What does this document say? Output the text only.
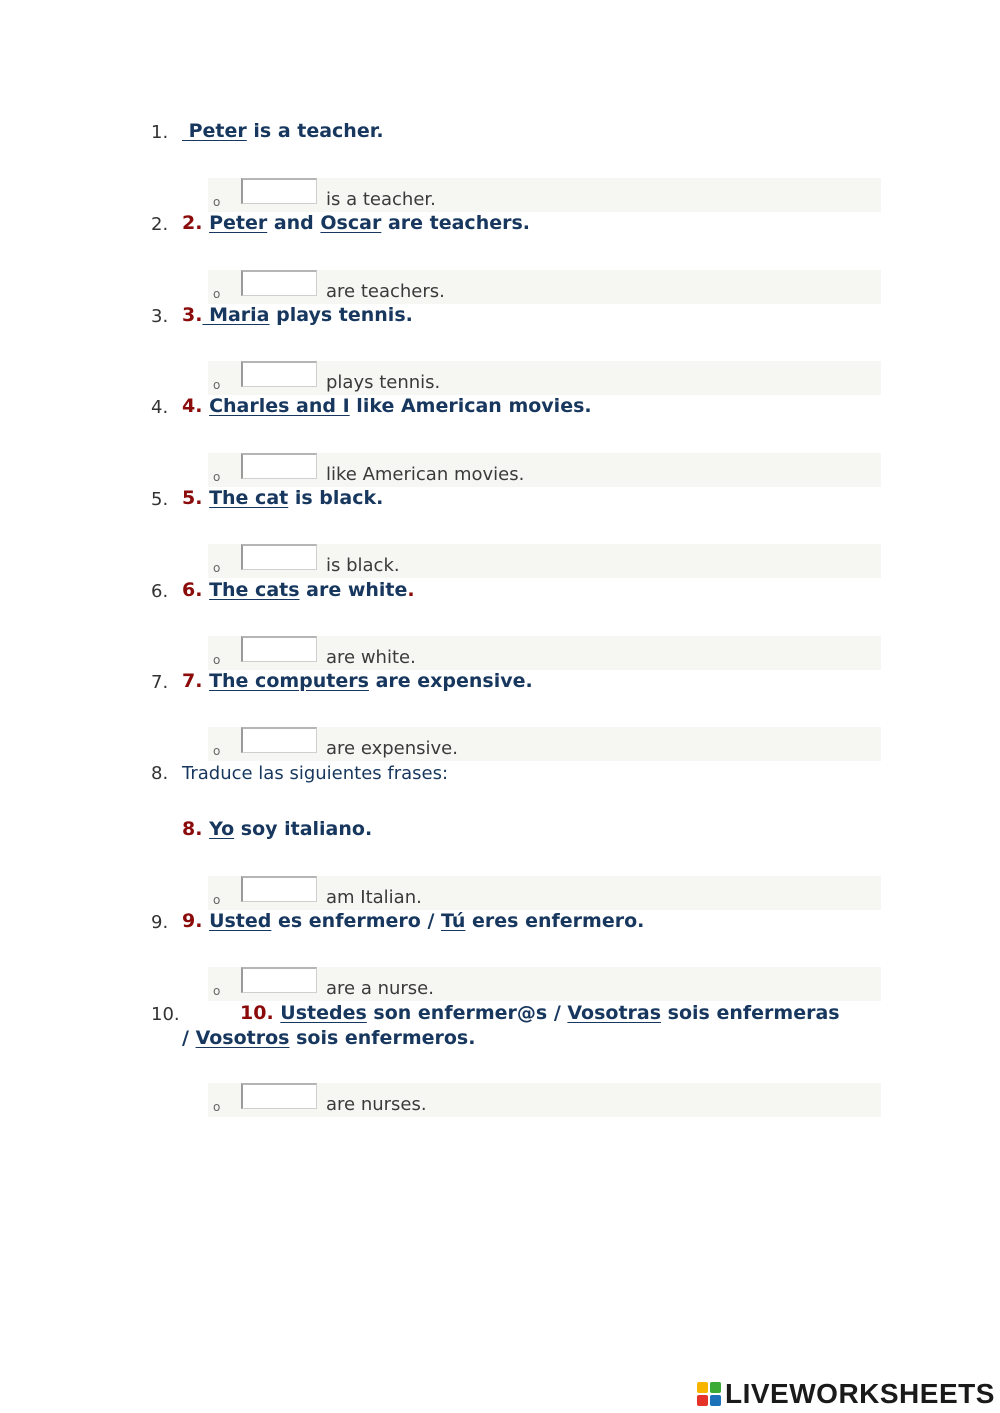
1. Peter is a teacher.
o	is a teacher.
2. 2. Peter and Oscar are teachers.
o	are teachers.
3. 3. Maria plays tennis.
o	plays tennis.
4. 4. Charles and I like American movies.
o	like American movies.
5. 5. The cat is black.
o	is black.
6. 6. The cats are white.
o	are white.
7. 7. The computers are expensive.
o	are expensive.
8. Traduce las siguientes frases:
8. Yo soy italiano.
o	am Italian.
9. 9. Usted es enfermero / Tú eres enfermero.
o	are a nurse.
10.	10. Ustedes son enfermer@s / Vosotras sois enfermeras
/ Vosotros sois enfermeros.
o	are nurses.
LIVEWORKSHEETS
